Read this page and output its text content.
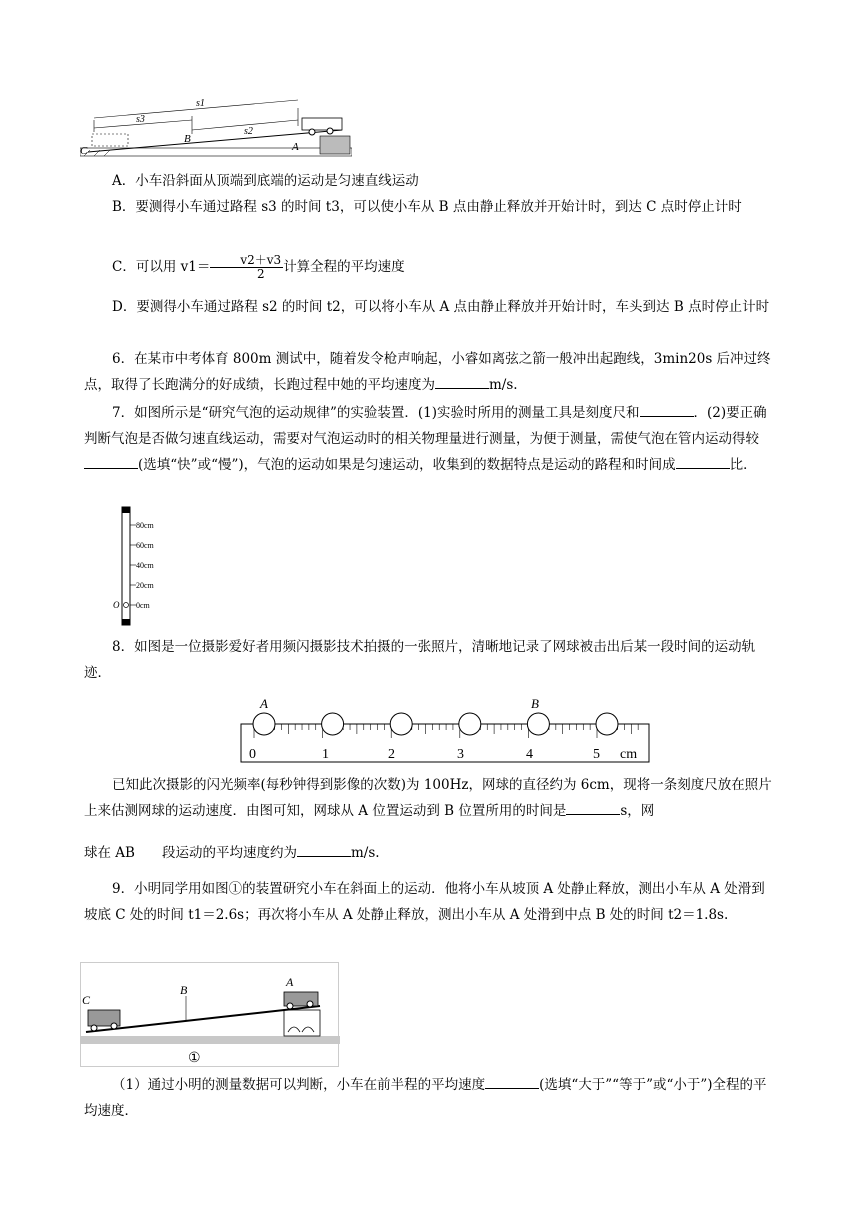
s1
s3
s2
B
A
C
A．小车沿斜面从顶端到底端的运动是匀速直线运动
B．要测得小车通过路程 s3 的时间 t3，可以使小车从 B 点由静止释放并开始计时，到达 C 点时停止计时
C．可以用 $v1= \frac{v2+v3}{2}$ 计算全程的平均速度
D．要测得小车通过路程 s2 的时间 t2，可以将小车从 A 点由静止释放并开始计时，车头到达 B 点时停止计时
6．在某市中考体育 800m 测试中，随着发令枪声响起，小睿如离弦之箭一般冲出起跑线，3min20s 后冲过终点，取得了长跑满分的好成绩，长跑过程中她的平均速度为	m/s.
7．如图所示是“研究气泡的运动规律”的实验装置．(1)实验时所用的测量工具是刻度尺和	．(2)要正确判断气泡是否做匀速直线运动，需要对气泡运动时的相关物理量进行测量，为便于测量，需使气泡在管内运动得较(选填“快”或“慢”)，气泡的运动如果是匀速运动，收集到的数据特点是运动的路程和时间成	比．
80cm
60cm
40cm
20cm
0cm
O
8．如图是一位摄影爱好者用频闪摄影技术拍摄的一张照片，清晰地记录了网球被击出后某一段时间的运动轨迹．
A	B
0	1	2	3	4	5 cm
已知此次摄影的闪光频率(每秒钟得到影像的次数)为 100Hz，网球的直径约为 6cm，现将一条刻度尺放在照片上来估测网球的运动速度．由图可知，网球从 A 位置运动到 B 位置所用的时间是	s，网
球在 AB　　段运动的平均速度约为	m/s.
9．小明同学用如图①的装置研究小车在斜面上的运动．他将小车从坡顶 A 处静止释放，测出小车从 A 处滑到坡底 C 处的时间 t1＝2.6s；再次将小车从 A 处静止释放，测出小车从 A 处滑到中点 B 处的时间 t2＝1.8s.
C
B
A
①
（1）通过小明的测量数据可以判断，小车在前半程的平均速度	(选填“大于”“等于”或“小于”)全程的平均速度．
